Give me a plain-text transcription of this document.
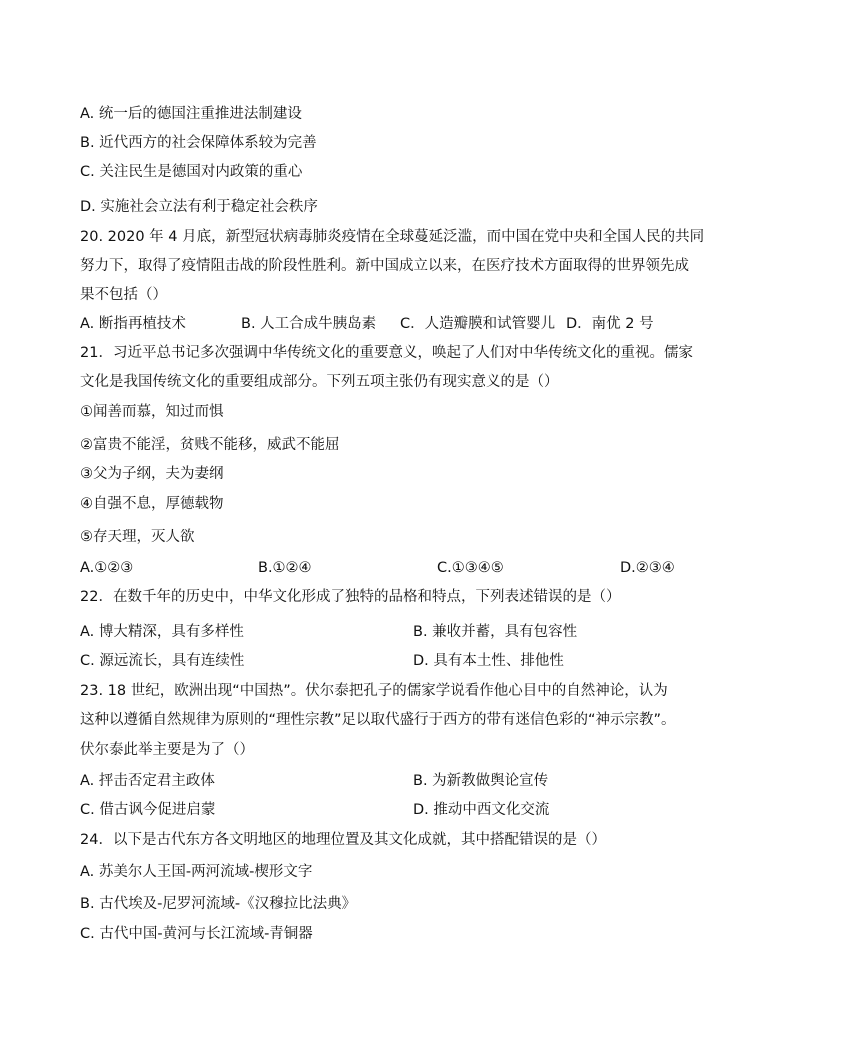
A. 统一后的德国注重推进法制建设
B. 近代西方的社会保障体系较为完善
C. 关注民生是德国对内政策的重心
D. 实施社会立法有利于稳定社会秩序
20. 2020 年 4 月底，新型冠状病毒肺炎疫情在全球蔓延泛滥，而中国在党中央和全国人民的共同
努力下，取得了疫情阻击战的阶段性胜利。新中国成立以来，在医疗技术方面取得的世界领先成
果不包括（）
A. 断指再植技术	B. 人工合成牛胰岛素 C．人造瓣膜和试管婴儿 D．南优 2 号
21．习近平总书记多次强调中华传统文化的重要意义，唤起了人们对中华传统文化的重视。儒家
文化是我国传统文化的重要组成部分。下列五项主张仍有现实意义的是（）
①闻善而慕，知过而惧
②富贵不能淫，贫贱不能移，威武不能屈
③父为子纲，夫为妻纲
④自强不息，厚德载物
⑤存天理，灭人欲
A.①②③	B.①②④	C.①③④⑤	D.②③④
22．在数千年的历史中，中华文化形成了独特的品格和特点，下列表述错误的是（）
A. 博大精深，具有多样性	B. 兼收并蓄，具有包容性
C. 源远流长，具有连续性	D. 具有本土性、排他性
23. 18 世纪，欧洲出现“中国热”。伏尔泰把孔子的儒家学说看作他心目中的自然神论，认为
这种以遵循自然规律为原则的“理性宗教”足以取代盛行于西方的带有迷信色彩的“神示宗教”。
伏尔泰此举主要是为了（）
A. 抨击否定君主政体	B. 为新教做舆论宣传
C. 借古讽今促进启蒙	D. 推动中西文化交流
24．以下是古代东方各文明地区的地理位置及其文化成就，其中搭配错误的是（）
A. 苏美尔人王国-两河流域-楔形文字
B. 古代埃及-尼罗河流域-《汉穆拉比法典》
C. 古代中国-黄河与长江流域-青铜器
